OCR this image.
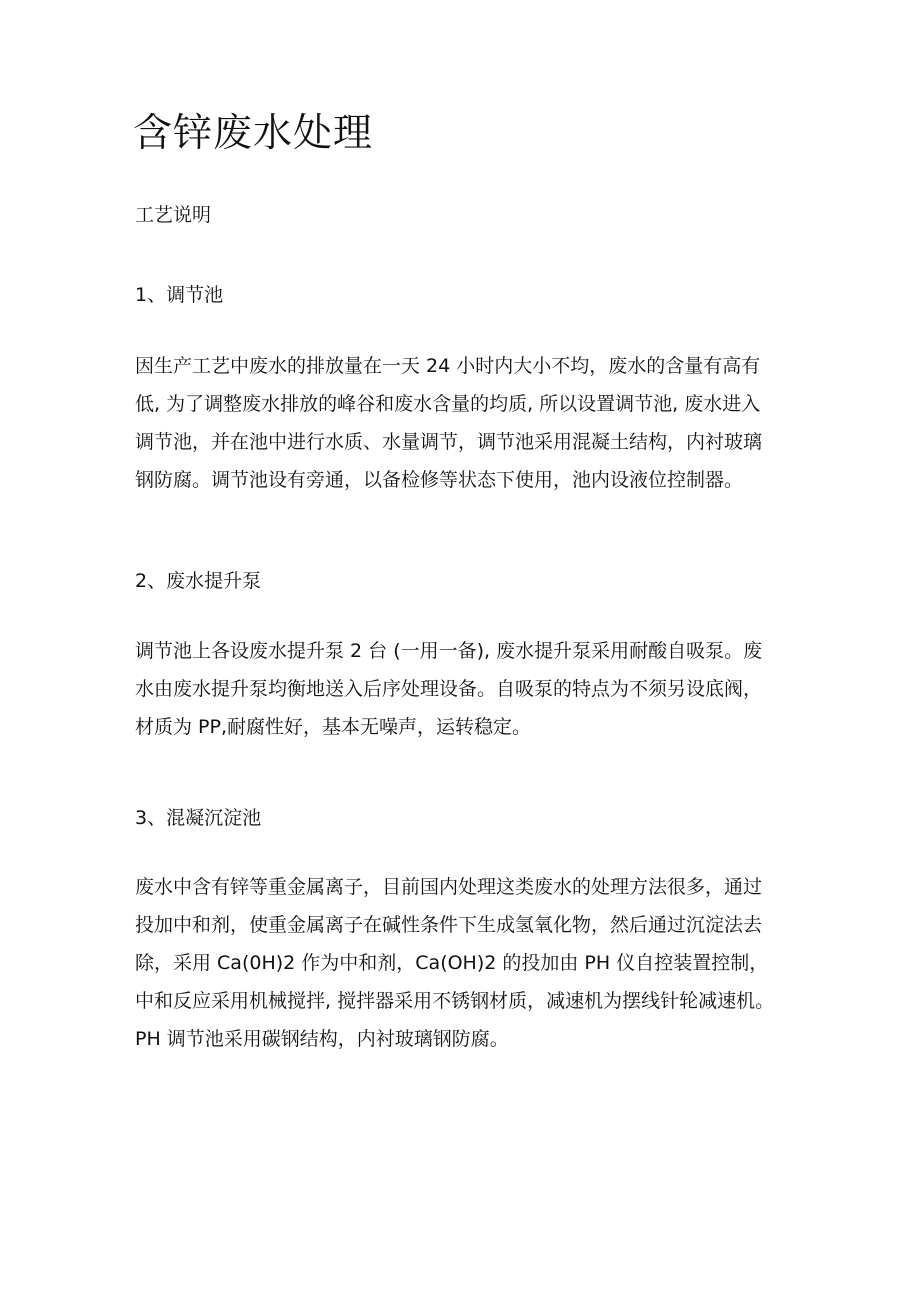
含锌废水处理

工艺说明

1、调节池

因生产工艺中废水的排放量在一天 24 小时内大小不均，废水的含量有高有
低, 为了调整废水排放的峰谷和废水含量的均质, 所以设置调节池, 废水进入
调节池，并在池中进行水质、水量调节，调节池采用混凝土结构，内衬玻璃
钢防腐。调节池设有旁通，以备检修等状态下使用，池内设液位控制器。

2、废水提升泵

调节池上各设废水提升泵 2 台 (一用一备), 废水提升泵采用耐酸自吸泵。废
水由废水提升泵均衡地送入后序处理设备。自吸泵的特点为不须另设底阀，
材质为 PP,耐腐性好，基本无噪声，运转稳定。

3、混凝沉淀池

废水中含有锌等重金属离子，目前国内处理这类废水的处理方法很多，通过
投加中和剂，使重金属离子在碱性条件下生成氢氧化物，然后通过沉淀法去
除，采用 Ca(0H)2 作为中和剂，Ca(OH)2 的投加由 PH 仪自控装置控制，
中和反应采用机械搅拌, 搅拌器采用不锈钢材质，减速机为摆线针轮减速机。
PH 调节池采用碳钢结构，内衬玻璃钢防腐。
